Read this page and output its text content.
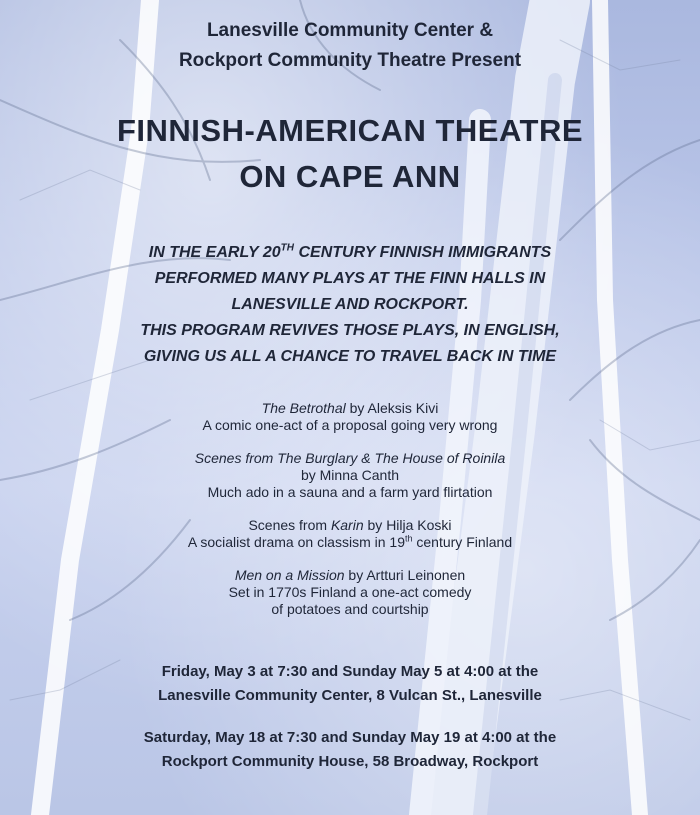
Lanesville Community Center &
Rockport Community Theatre Present

FINNISH-AMERICAN THEATRE
ON CAPE ANN

IN THE EARLY 20TH CENTURY FINNISH IMMIGRANTS
PERFORMED MANY PLAYS AT THE FINN HALLS IN
LANESVILLE AND ROCKPORT.
THIS PROGRAM REVIVES THOSE PLAYS, IN ENGLISH,
GIVING US ALL A CHANCE TO TRAVEL BACK IN TIME

The Betrothal by Aleksis Kivi
A comic one-act of a proposal going very wrong
Scenes from The Burglary & The House of Roinila
by Minna Canth
Much ado in a sauna and a farm yard flirtation
Scenes from Karin by Hilja Koski
A socialist drama on classism in 19th century Finland
Men on a Mission by Artturi Leinonen
Set in 1770s Finland a one-act comedy
of potatoes and courtship

Friday, May 3 at 7:30 and Sunday May 5 at 4:00 at the
Lanesville Community Center, 8 Vulcan St., Lanesville

Saturday, May 18 at 7:30 and Sunday May 19 at 4:00 at the
Rockport Community House, 58 Broadway, Rockport
